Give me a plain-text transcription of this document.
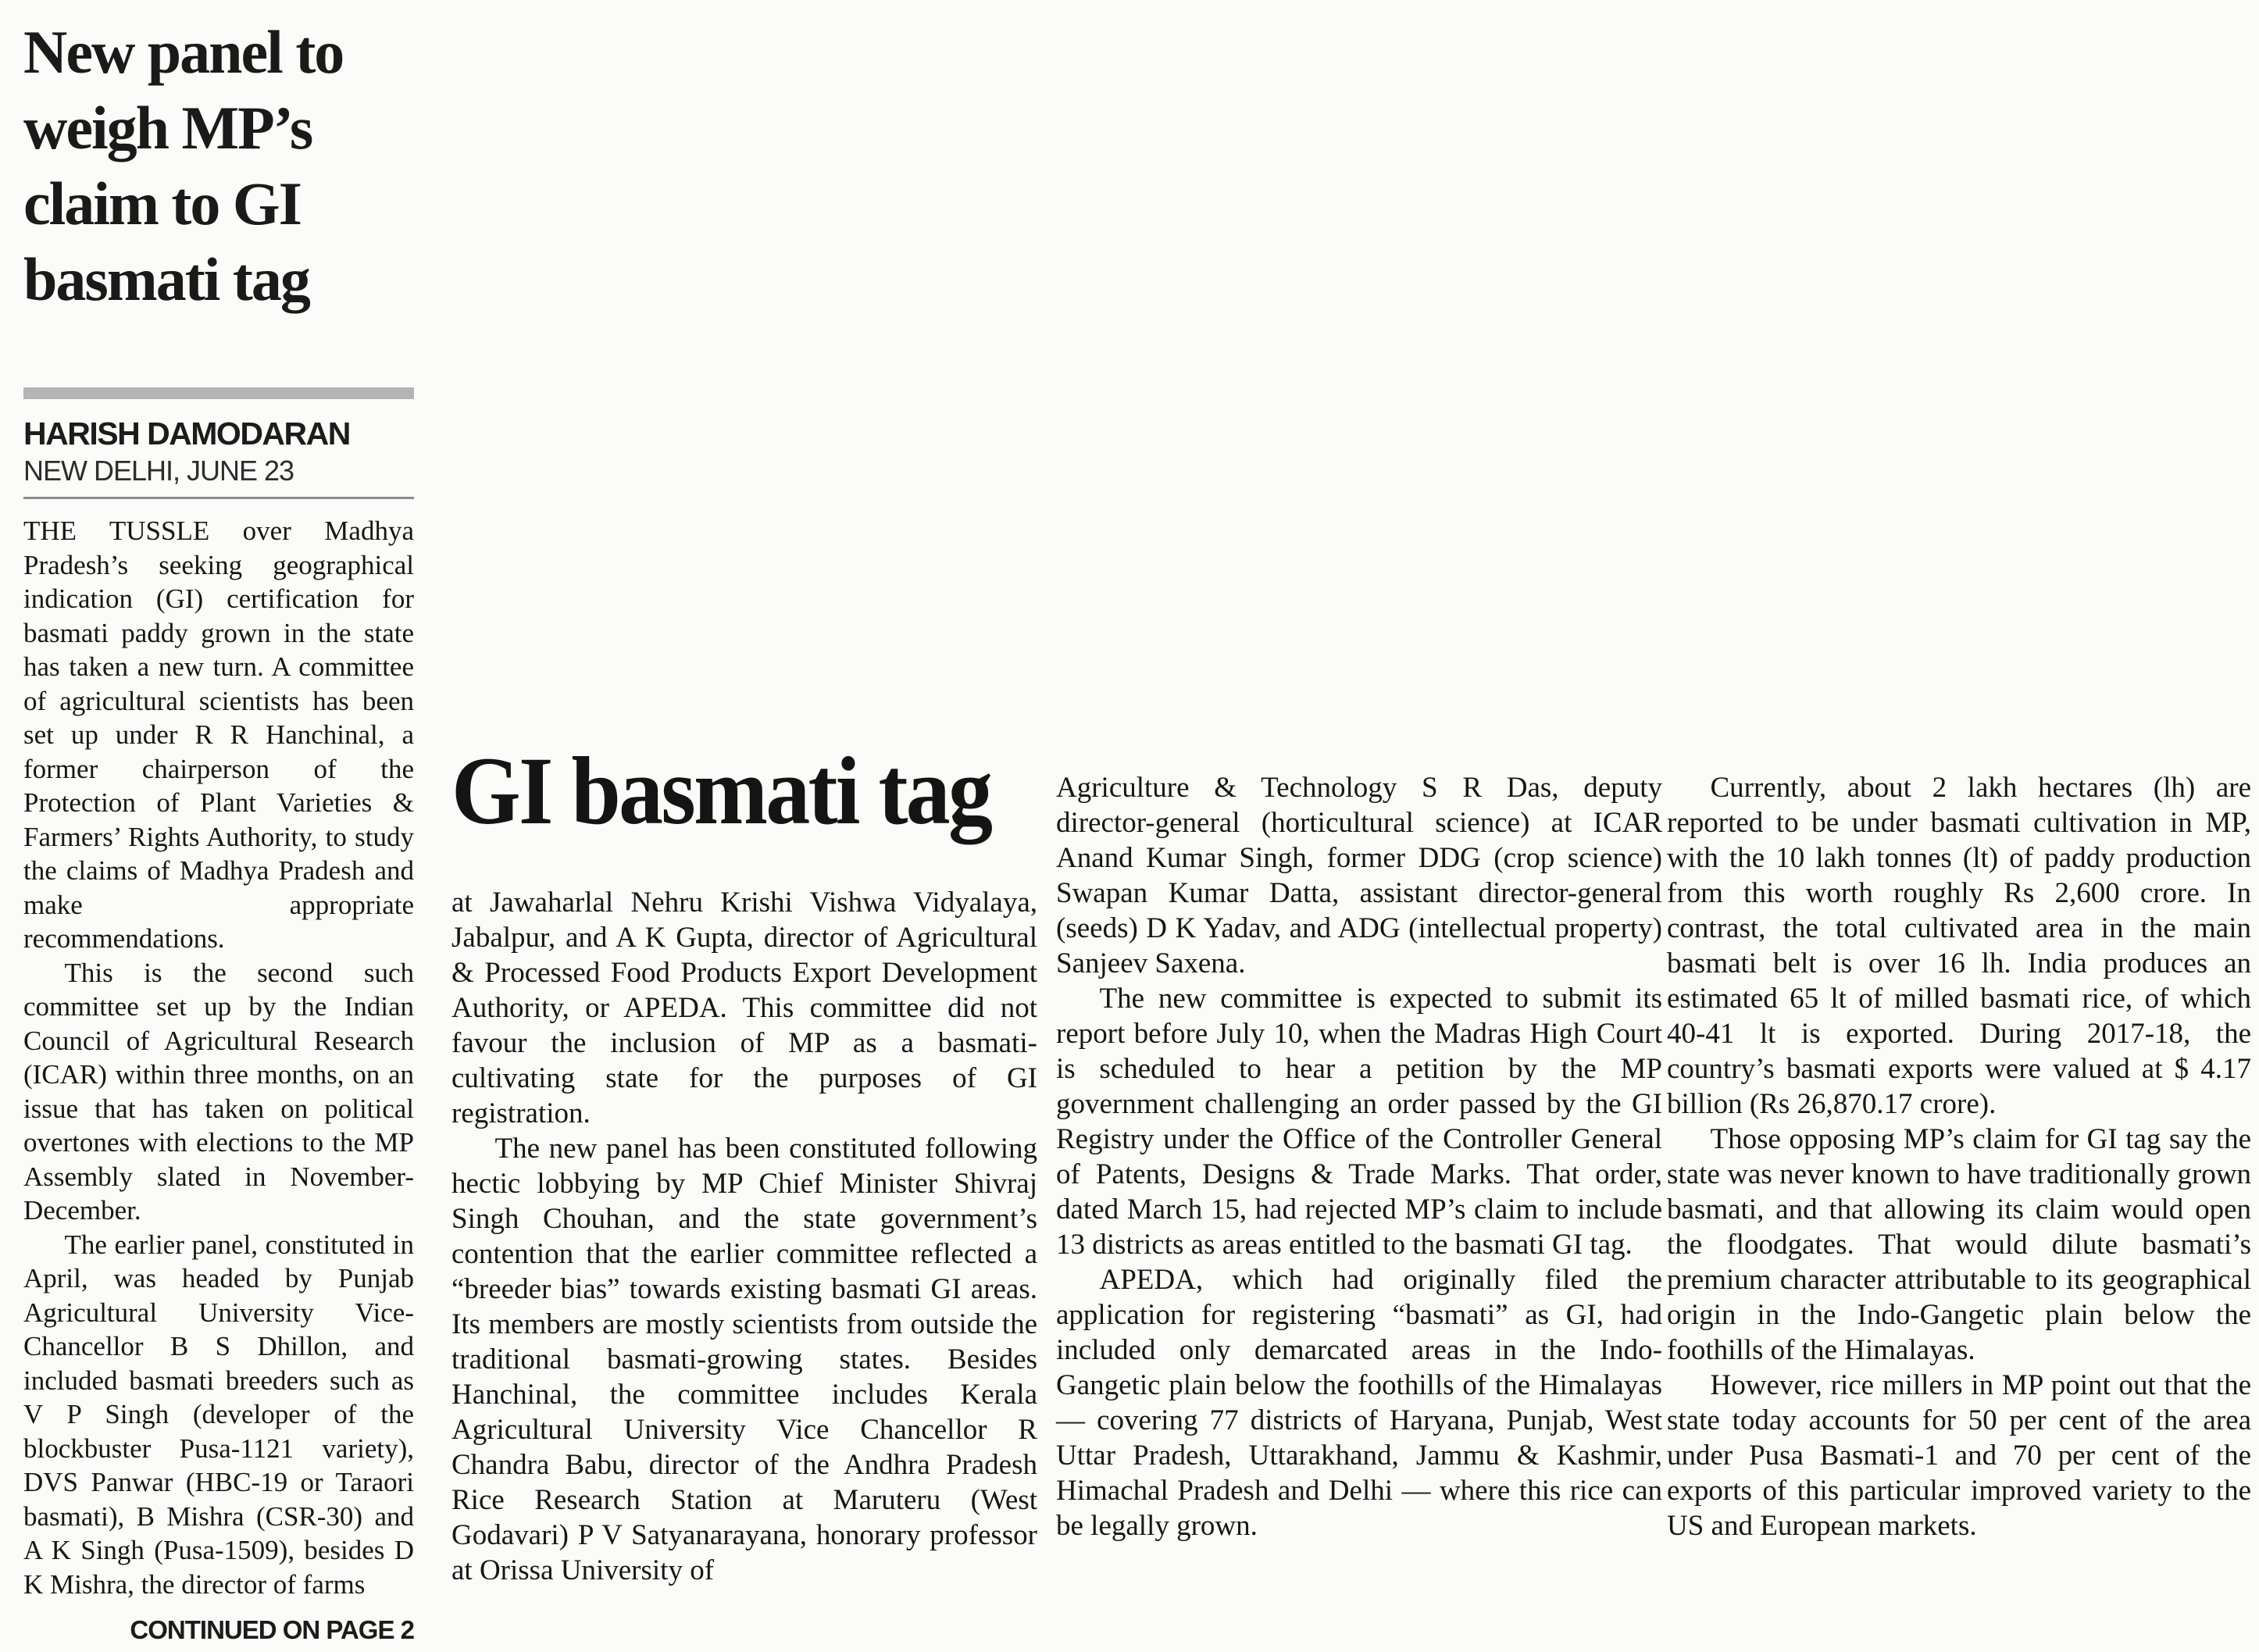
New panel to weigh MP’s claim to GI basmati tag
HARISH DAMODARAN
NEW DELHI, JUNE 23

THE TUSSLE over Madhya Pradesh’s seeking geographical indication (GI) certification for basmati paddy grown in the state has taken a new turn. A committee of agricultural scientists has been set up under R R Hanchinal, a former chairperson of the Protection of Plant Varieties & Farmers’ Rights Authority, to study the claims of Madhya Pradesh and make appropriate recommendations.

This is the second such committee set up by the Indian Council of Agricultural Research (ICAR) within three months, on an issue that has taken on political overtones with elections to the MP Assembly slated in November-December.

The earlier panel, constituted in April, was headed by Punjab Agricultural University Vice-Chancellor B S Dhillon, and included basmati breeders such as V P Singh (developer of the blockbuster Pusa-1121 variety), DVS Panwar (HBC-19 or Taraori basmati), B Mishra (CSR-30) and A K Singh (Pusa-1509), besides D K Mishra, the director of farms

CONTINUED ON PAGE 2
GI basmati tag

at Jawaharlal Nehru Krishi Vishwa Vidyalaya, Jabalpur, and A K Gupta, director of Agricultural & Processed Food Products Export Development Authority, or APEDA. This committee did not favour the inclusion of MP as a basmati-cultivating state for the purposes of GI registration.

The new panel has been constituted following hectic lobbying by MP Chief Minister Shivraj Singh Chouhan, and the state government’s contention that the earlier committee reflected a “breeder bias” towards existing basmati GI areas. Its members are mostly scientists from outside the traditional basmati-growing states. Besides Hanchinal, the committee includes Kerala Agricultural University Vice Chancellor R Chandra Babu, director of the Andhra Pradesh Rice Research Station at Maruteru (West Godavari) P V Satyanarayana, honorary professor at Orissa University of

Agriculture & Technology S R Das, deputy director-general (horticultural science) at ICAR Anand Kumar Singh, former DDG (crop science) Swapan Kumar Datta, assistant director-general (seeds) D K Yadav, and ADG (intellectual property) Sanjeev Saxena.

The new committee is expected to submit its report before July 10, when the Madras High Court is scheduled to hear a petition by the MP government challenging an order passed by the GI Registry under the Office of the Controller General of Patents, Designs & Trade Marks. That order, dated March 15, had rejected MP’s claim to include 13 districts as areas entitled to the basmati GI tag.

APEDA, which had originally filed the application for registering “basmati” as GI, had included only demarcated areas in the Indo-Gangetic plain below the foothills of the Himalayas — covering 77 districts of Haryana, Punjab, West Uttar Pradesh, Uttarakhand, Jammu & Kashmir, Himachal Pradesh and Delhi — where this rice can be legally grown.

Currently, about 2 lakh hectares (lh) are reported to be under basmati cultivation in MP, with the 10 lakh tonnes (lt) of paddy production from this worth roughly Rs 2,600 crore. In contrast, the total cultivated area in the main basmati belt is over 16 lh. India produces an estimated 65 lt of milled basmati rice, of which 40-41 lt is exported. During 2017-18, the country’s basmati exports were valued at $ 4.17 billion (Rs 26,870.17 crore).

Those opposing MP’s claim for GI tag say the state was never known to have traditionally grown basmati, and that allowing its claim would open the floodgates. That would dilute basmati’s premium character attributable to its geographical origin in the Indo-Gangetic plain below the foothills of the Himalayas.

However, rice millers in MP point out that the state today accounts for 50 per cent of the area under Pusa Basmati-1 and 70 per cent of the exports of this particular improved variety to the US and European markets.
